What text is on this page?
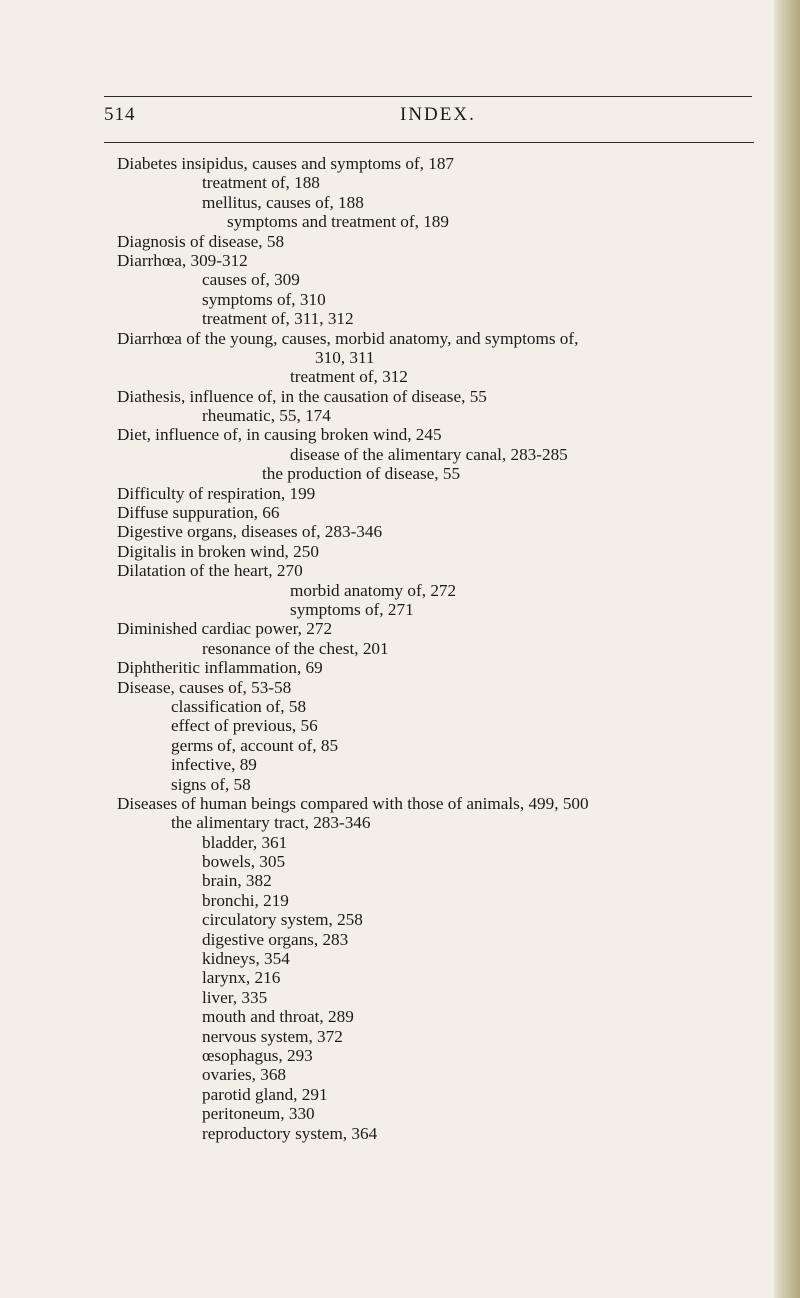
514	INDEX.
Diabetes insipidus, causes and symptoms of, 187
treatment of, 188
mellitus, causes of, 188
symptoms and treatment of, 189
Diagnosis of disease, 58
Diarrhœa, 309-312
causes of, 309
symptoms of, 310
treatment of, 311, 312
Diarrhœa of the young, causes, morbid anatomy, and symptoms of,
310, 311
treatment of, 312
Diathesis, influence of, in the causation of disease, 55
rheumatic, 55, 174
Diet, influence of, in causing broken wind, 245
disease of the alimentary canal, 283-285
the production of disease, 55
Difficulty of respiration, 199
Diffuse suppuration, 66
Digestive organs, diseases of, 283-346
Digitalis in broken wind, 250
Dilatation of the heart, 270
morbid anatomy of, 272
symptoms of, 271
Diminished cardiac power, 272
resonance of the chest, 201
Diphtheritic inflammation, 69
Disease, causes of, 53-58
classification of, 58
effect of previous, 56
germs of, account of, 85
infective, 89
signs of, 58
Diseases of human beings compared with those of animals, 499, 500
the alimentary tract, 283-346
bladder, 361
bowels, 305
brain, 382
bronchi, 219
circulatory system, 258
digestive organs, 283
kidneys, 354
larynx, 216
liver, 335
mouth and throat, 289
nervous system, 372
œsophagus, 293
ovaries, 368
parotid gland, 291
peritoneum, 330
reproductory system, 364
